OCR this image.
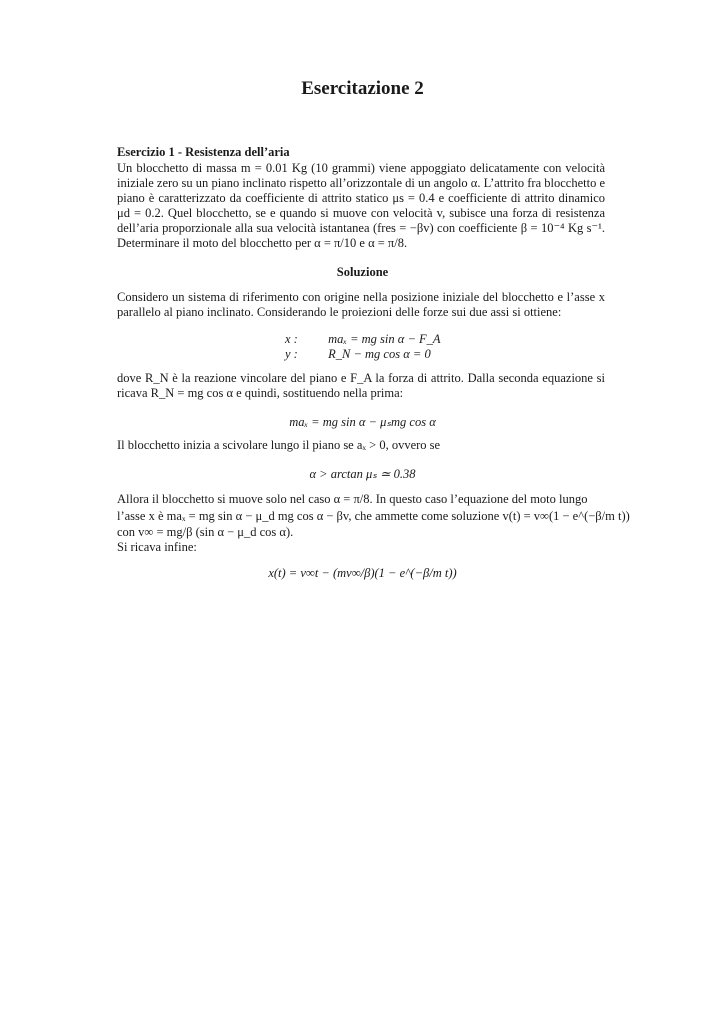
Esercitazione 2
Esercizio 1 - Resistenza dell’aria
Un blocchetto di massa m = 0.01 Kg (10 grammi) viene appoggiato delicatamente con velocità iniziale zero su un piano inclinato rispetto all’orizzontale di un angolo α. L’attrito fra blocchetto e piano è caratterizzato da coefficiente di attrito statico μs = 0.4 e coefficiente di attrito dinamico μd = 0.2. Quel blocchetto, se e quando si muove con velocità v, subisce una forza di resistenza dell’aria proporzionale alla sua velocità istantanea (fres = −βv) con coefficiente β = 10⁻⁴ Kg s⁻¹. Determinare il moto del blocchetto per α = π/10 e α = π/8.
Soluzione
Considero un sistema di riferimento con origine nella posizione iniziale del blocchetto e l’asse x parallelo al piano inclinato. Considerando le proiezioni delle forze sui due assi si ottiene:
x : maₓ = mg sin α − F_A
y : R_N − mg cos α = 0
dove R_N è la reazione vincolare del piano e F_A la forza di attrito. Dalla seconda equazione si ricava R_N = mg cos α e quindi, sostituendo nella prima:
maₓ = mg sin α − μₛmg cos α
Il blocchetto inizia a scivolare lungo il piano se aₓ > 0, ovvero se
α > arctan μₛ ≃ 0.38
Allora il blocchetto si muove solo nel caso α = π/8. In questo caso l’equazione del moto lungo
l’asse x è maₓ = mg sin α − μ_d mg cos α − βv, che ammette come soluzione v(t) = v∞(1 − e^(−β/m t))
con v∞ = mg/β (sin α − μ_d cos α).
Si ricava infine:
x(t) = v∞t − (mv∞/β)(1 − e^(−β/m t))
